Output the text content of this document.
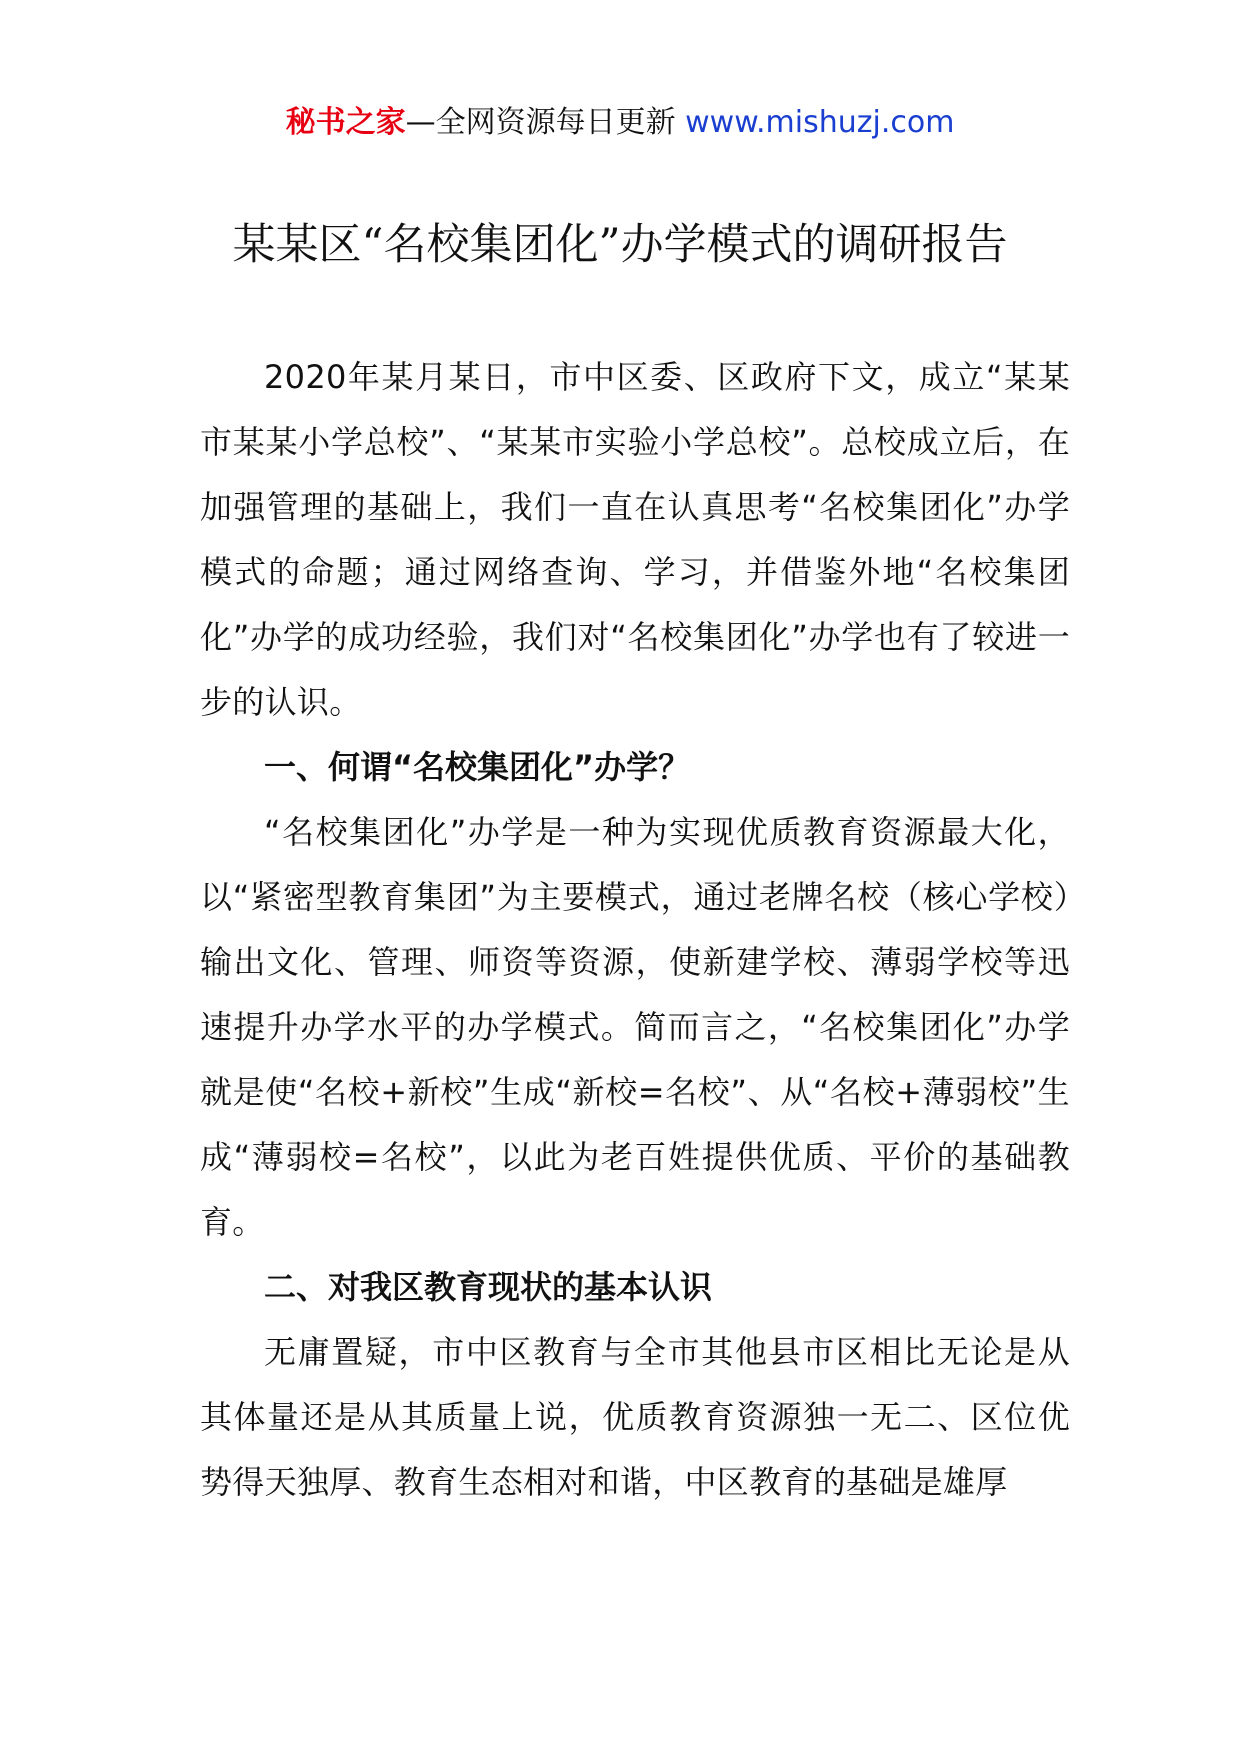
秘书之家—全网资源每日更新 www.mishuzj.com
某某区“名校集团化”办学模式的调研报告

2020年某月某日，市中区委、区政府下文，成立“某某市某某小学总校”、“某某市实验小学总校”。总校成立后，在加强管理的基础上，我们一直在认真思考“名校集团化”办学模式的命题；通过网络查询、学习，并借鉴外地“名校集团化”办学的成功经验，我们对“名校集团化”办学也有了较进一步的认识。

一、何谓“名校集团化”办学？

“名校集团化”办学是一种为实现优质教育资源最大化，以“紧密型教育集团”为主要模式，通过老牌名校（核心学校）输出文化、管理、师资等资源，使新建学校、薄弱学校等迅速提升办学水平的办学模式。简而言之，“名校集团化”办学就是使“名校+新校”生成“新校=名校”、从“名校+薄弱校”生成“薄弱校=名校”，以此为老百姓提供优质、平价的基础教育。

二、对我区教育现状的基本认识

无庸置疑，市中区教育与全市其他县市区相比无论是从其体量还是从其质量上说，优质教育资源独一无二、区位优势得天独厚、教育生态相对和谐，中区教育的基础是雄厚
